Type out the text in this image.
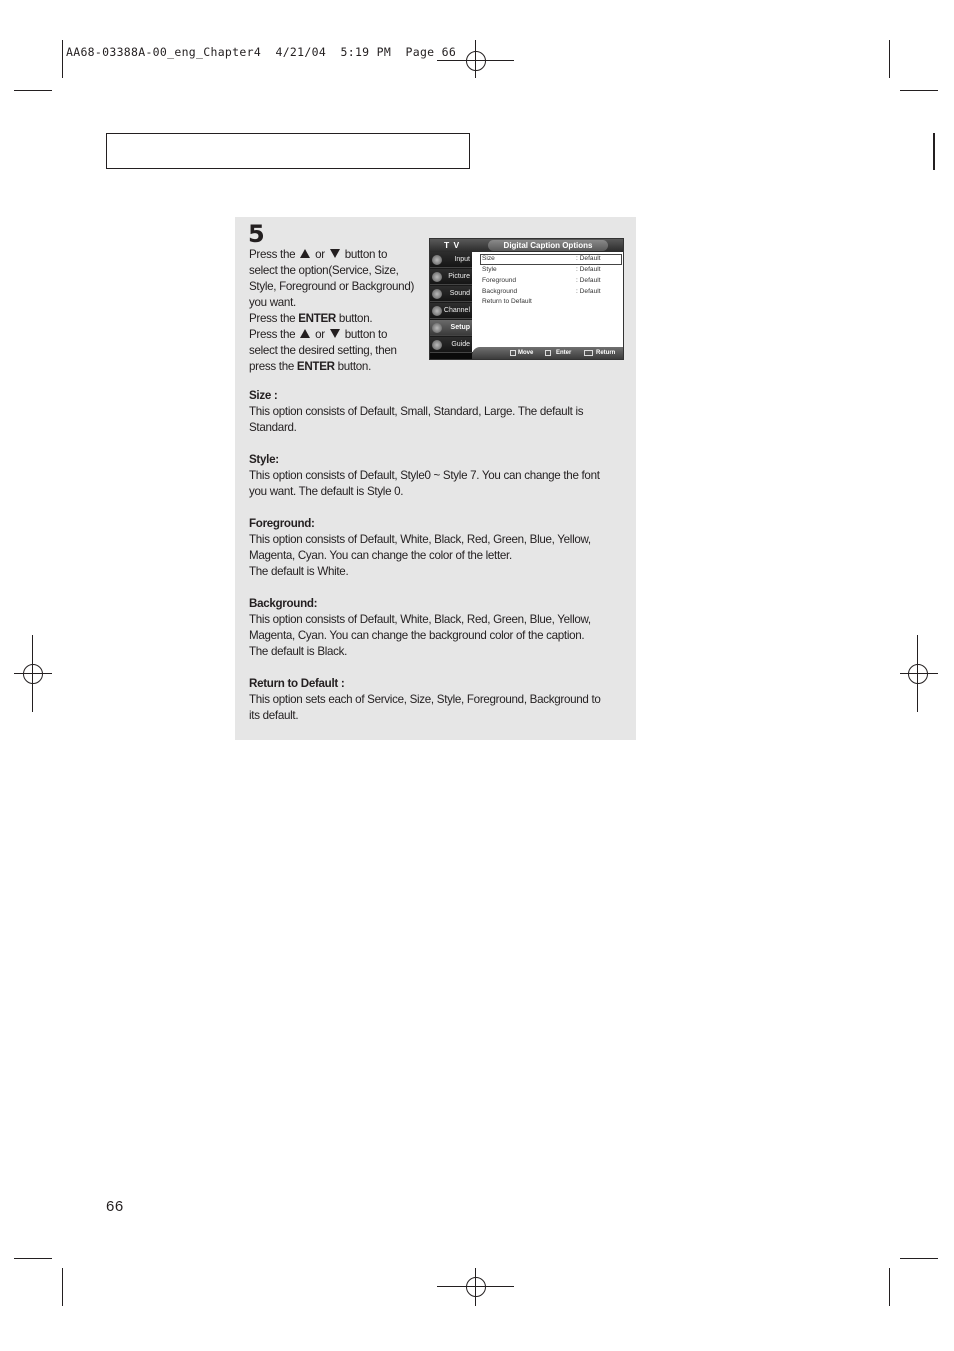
AA68-03388A-00_eng_Chapter4  4/21/04  5:19 PM  Page 66
5
Press the or button to
select the option(Service, Size,
Style, Foreground or Background)
you want.
Press the ENTER button.
Press the or button to
select the desired setting, then
press the ENTER button.
T V	Digital Caption Options
Input
Picture
Sound
Channel
Setup
Guide
Size	: Default
Style	: Default
Foreground	: Default
Background	: Default
Return to Default
Move	Enter	Return
Size :
This option consists of Default, Small, Standard, Large. The default is
Standard.
Style:
This option consists of Default, Style0 ~ Style 7. You can change the font
you want. The default is Style 0.
Foreground:
This option consists of Default, White, Black, Red, Green, Blue, Yellow,
Magenta, Cyan. You can change the color of the letter.
The default is White.
Background:
This option consists of Default, White, Black, Red, Green, Blue, Yellow,
Magenta, Cyan. You can change the background color of the caption.
The default is Black.
Return to Default :
This option sets each of Service, Size, Style, Foreground, Background to
its default.
66
